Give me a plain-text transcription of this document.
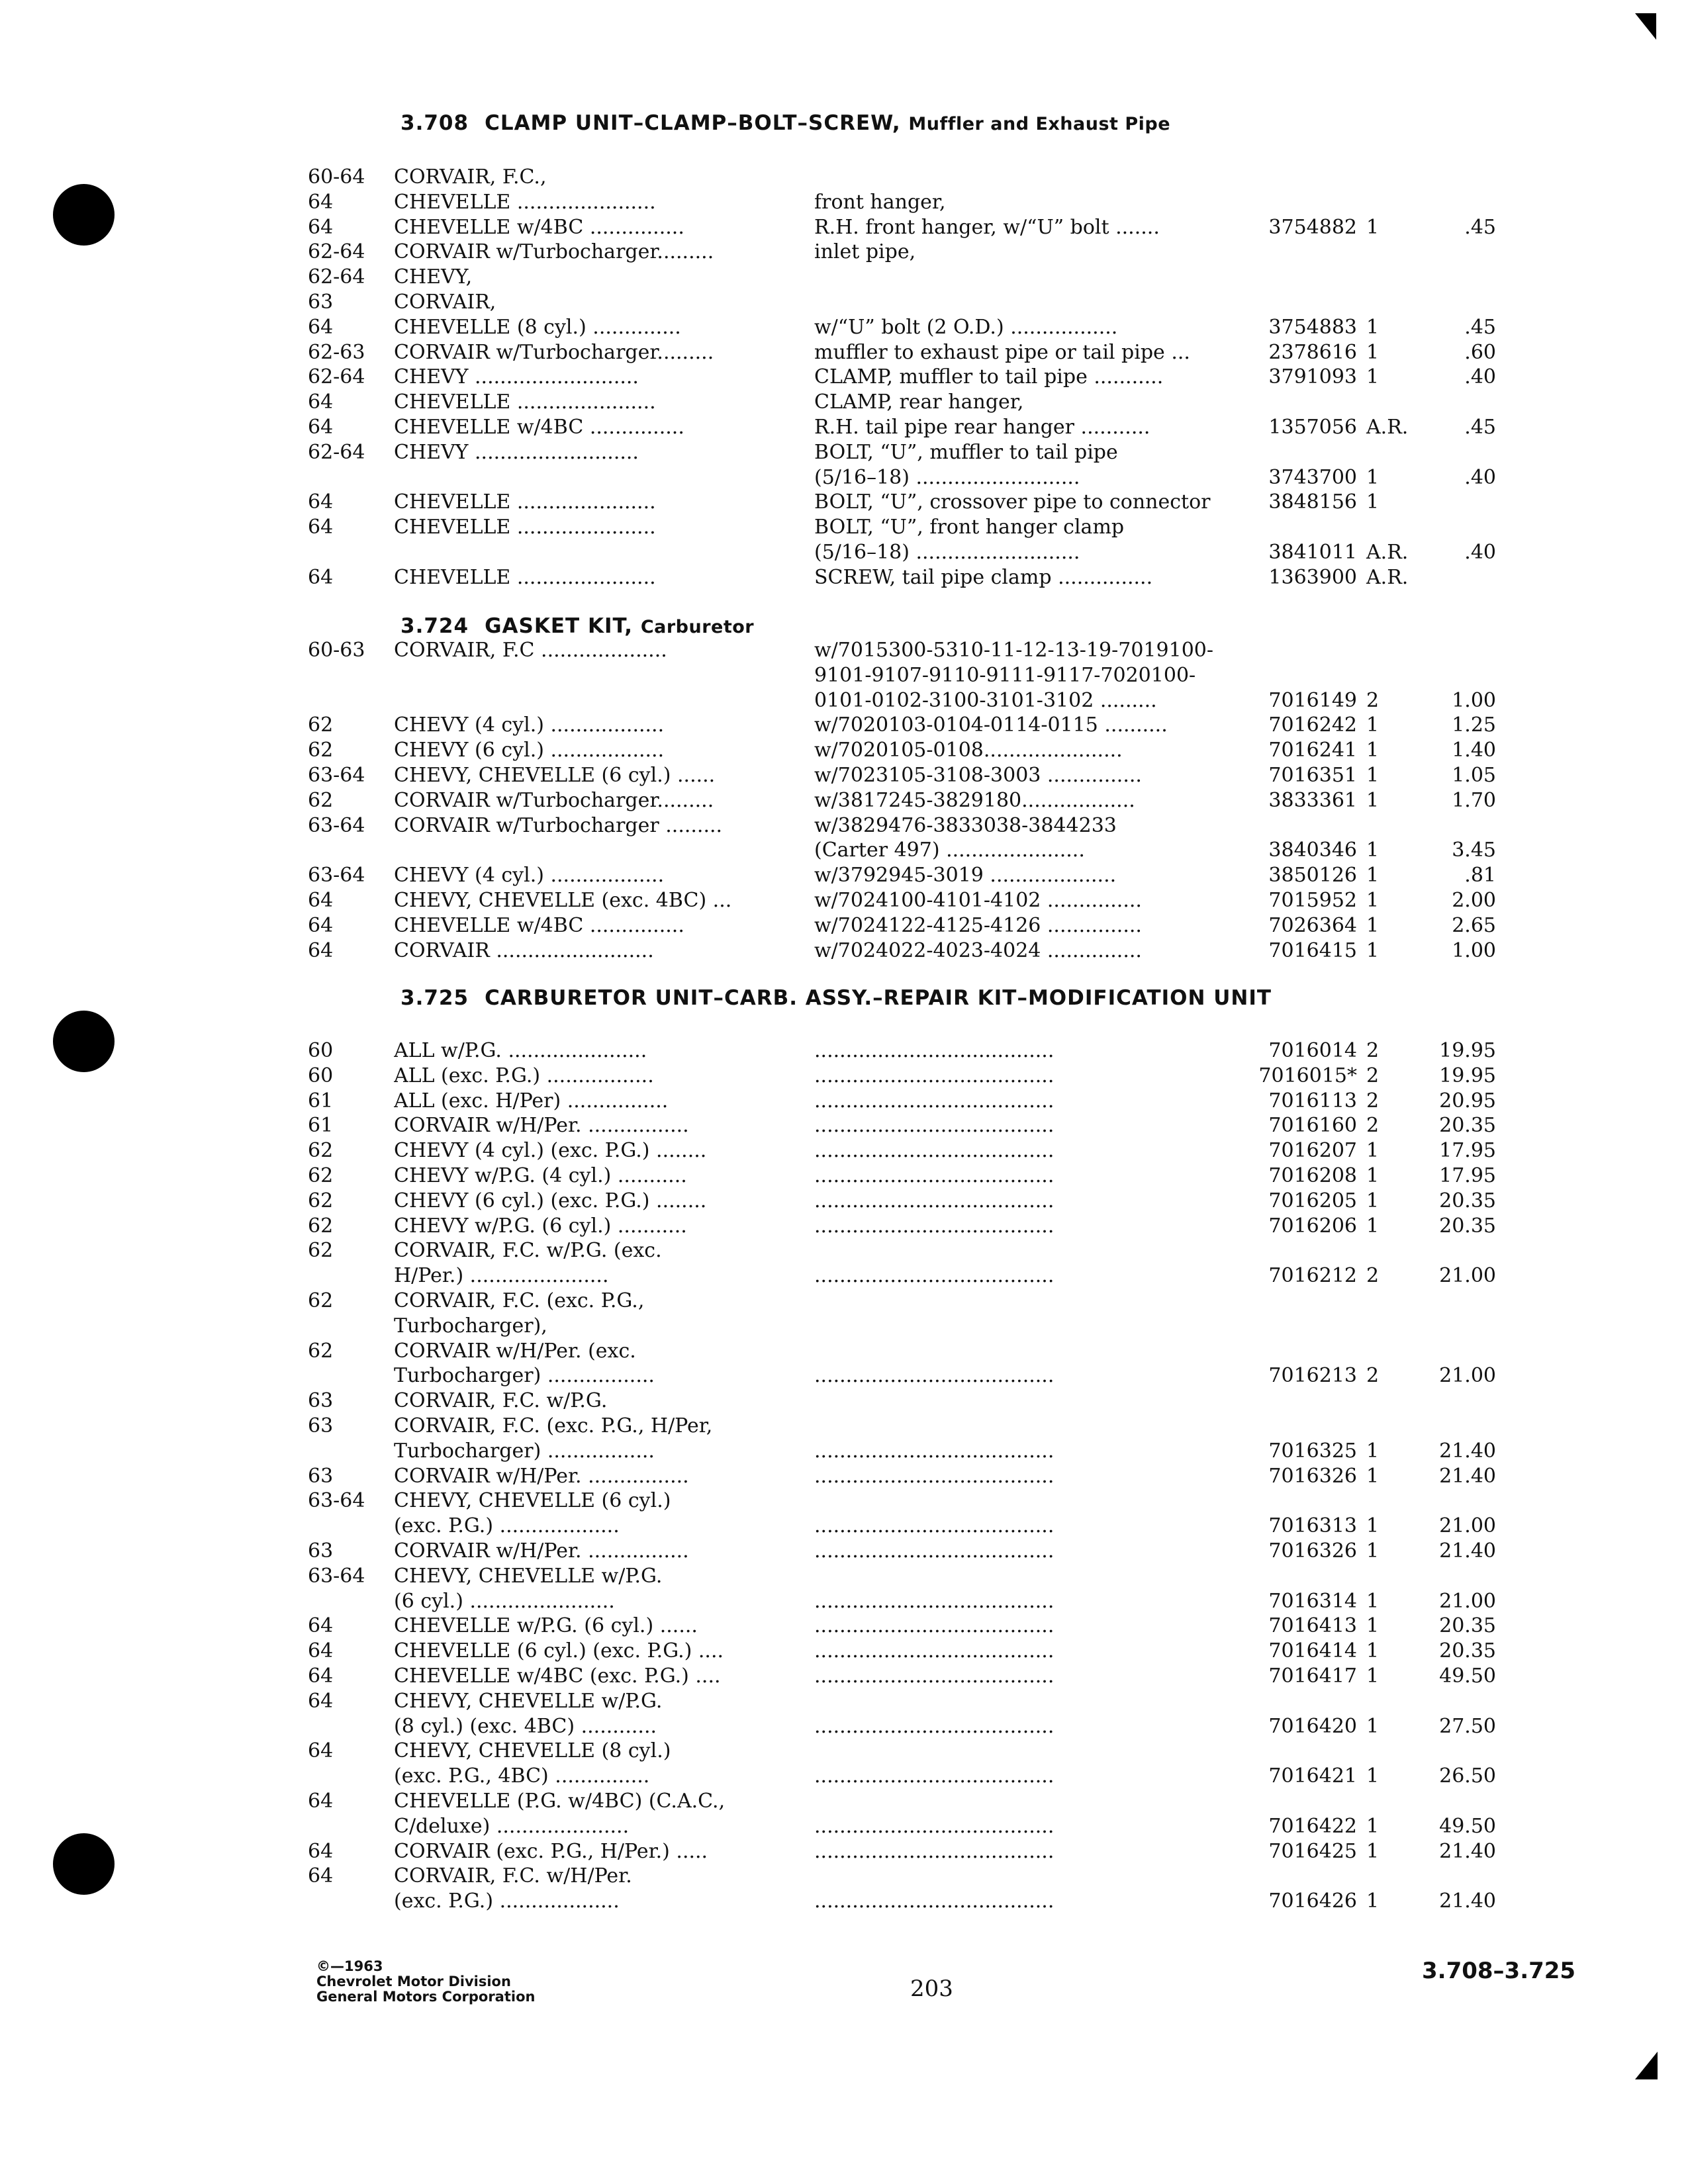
3.708 CLAMP UNIT–CLAMP–BOLT–SCREW, Muffler and Exhaust Pipe
60-64	CORVAIR, F.C.,
64	CHEVELLE ......................	front hanger,
64	CHEVELLE w/4BC ...............	R.H. front hanger, w/“U” bolt .......	3754882 1	.45
62-64	CORVAIR w/Turbocharger.........	inlet pipe,
62-64	CHEVY,
63	CORVAIR,
64	CHEVELLE (8 cyl.) ..............	w/“U” bolt (2 O.D.) .................	3754883 1	.45
62-63	CORVAIR w/Turbocharger.........	muffler to exhaust pipe or tail pipe ...	2378616 1	.60
62-64	CHEVY ..........................	CLAMP, muffler to tail pipe ...........	3791093 1	.40
64	CHEVELLE ......................	CLAMP, rear hanger,
64	CHEVELLE w/4BC ...............	R.H. tail pipe rear hanger ...........	1357056 A.R.	.45
62-64	CHEVY ..........................	BOLT, “U”, muffler to tail pipe
(5/16–18) ..........................	3743700 1	.40
64	CHEVELLE ......................	BOLT, “U”, crossover pipe to connector	3848156 1
64	CHEVELLE ......................	BOLT, “U”, front hanger clamp
(5/16–18) ..........................	3841011 A.R.	.40
64	CHEVELLE ......................	SCREW, tail pipe clamp ...............	1363900 A.R.
3.724 GASKET KIT, Carburetor
60-63	CORVAIR, F.C ....................	w/7015300-5310-11-12-13-19-7019100-
9101-9107-9110-9111-9117-7020100-
0101-0102-3100-3101-3102 .........	7016149 2	1.00
62	CHEVY (4 cyl.) ..................	w/7020103-0104-0114-0115 ..........	7016242 1	1.25
62	CHEVY (6 cyl.) ..................	w/7020105-0108......................	7016241 1	1.40
63-64	CHEVY, CHEVELLE (6 cyl.) ......	w/7023105-3108-3003 ...............	7016351 1	1.05
62	CORVAIR w/Turbocharger.........	w/3817245-3829180..................	3833361 1	1.70
63-64	CORVAIR w/Turbocharger .........	w/3829476-3833038-3844233
(Carter 497) ......................	3840346 1	3.45
63-64	CHEVY (4 cyl.) ..................	w/3792945-3019 ....................	3850126 1	.81
64	CHEVY, CHEVELLE (exc. 4BC) ...	w/7024100-4101-4102 ...............	7015952 1	2.00
64	CHEVELLE w/4BC ...............	w/7024122-4125-4126 ...............	7026364 1	2.65
64	CORVAIR .........................	w/7024022-4023-4024 ...............	7016415 1	1.00
3.725 CARBURETOR UNIT–CARB. ASSY.–REPAIR KIT–MODIFICATION UNIT
60	ALL w/P.G. ......................	......................................	7016014 2	19.95
60	ALL (exc. P.G.) .................	......................................	7016015* 2	19.95
61	ALL (exc. H/Per) ................	......................................	7016113 2	20.95
61	CORVAIR w/H/Per. ................	......................................	7016160 2	20.35
62	CHEVY (4 cyl.) (exc. P.G.) ........	......................................	7016207 1	17.95
62	CHEVY w/P.G. (4 cyl.) ...........	......................................	7016208 1	17.95
62	CHEVY (6 cyl.) (exc. P.G.) ........	......................................	7016205 1	20.35
62	CHEVY w/P.G. (6 cyl.) ...........	......................................	7016206 1	20.35
62	CORVAIR, F.C. w/P.G. (exc.
H/Per.) ......................	......................................	7016212 2	21.00
62	CORVAIR, F.C. (exc. P.G.,
Turbocharger),
62	CORVAIR w/H/Per. (exc.
Turbocharger) .................	......................................	7016213 2	21.00
63	CORVAIR, F.C. w/P.G.
63	CORVAIR, F.C. (exc. P.G., H/Per,
Turbocharger) .................	......................................	7016325 1	21.40
63	CORVAIR w/H/Per. ................	......................................	7016326 1	21.40
63-64	CHEVY, CHEVELLE (6 cyl.)
(exc. P.G.) ...................	......................................	7016313 1	21.00
63	CORVAIR w/H/Per. ................	......................................	7016326 1	21.40
63-64	CHEVY, CHEVELLE w/P.G.
(6 cyl.) .......................	......................................	7016314 1	21.00
64	CHEVELLE w/P.G. (6 cyl.) ......	......................................	7016413 1	20.35
64	CHEVELLE (6 cyl.) (exc. P.G.) ....	......................................	7016414 1	20.35
64	CHEVELLE w/4BC (exc. P.G.) ....	......................................	7016417 1	49.50
64	CHEVY, CHEVELLE w/P.G.
(8 cyl.) (exc. 4BC) ............	......................................	7016420 1	27.50
64	CHEVY, CHEVELLE (8 cyl.)
(exc. P.G., 4BC) ...............	......................................	7016421 1	26.50
64	CHEVELLE (P.G. w/4BC) (C.A.C.,
C/deluxe) .....................	......................................	7016422 1	49.50
64	CORVAIR (exc. P.G., H/Per.) .....	......................................	7016425 1	21.40
64	CORVAIR, F.C. w/H/Per.
(exc. P.G.) ...................	......................................	7016426 1	21.40
©—1963
Chevrolet Motor Division
General Motors Corporation	203
3.708–3.725
